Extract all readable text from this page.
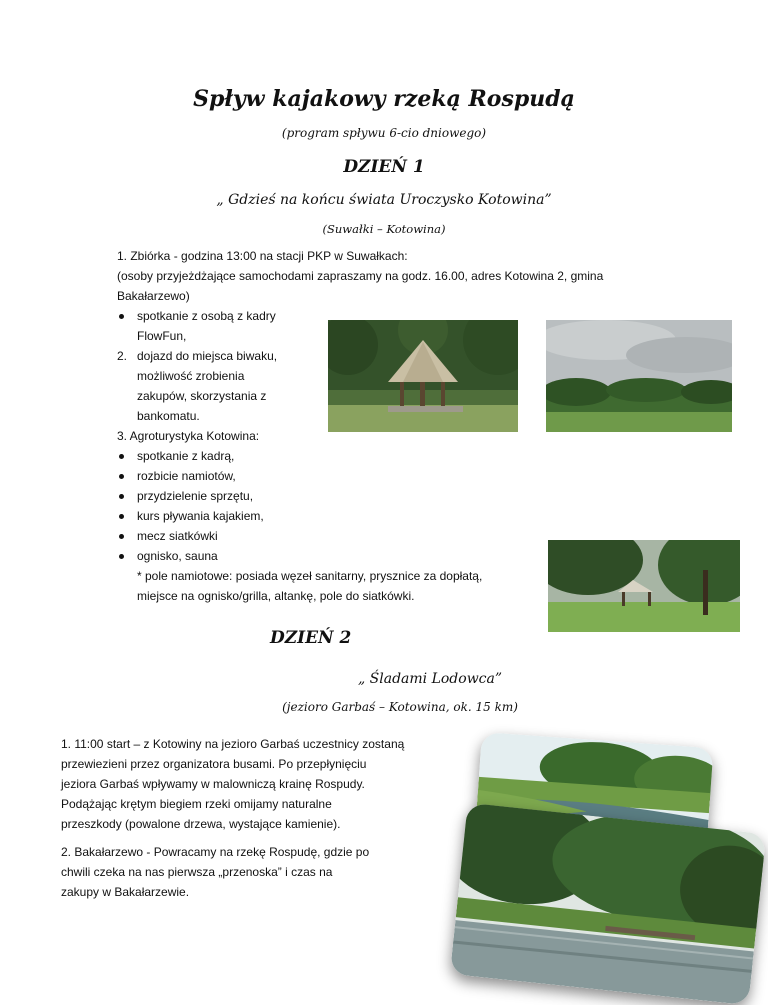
Spływ kajakowy rzeką Rospudą
(program spływu 6-cio dniowego)
DZIEŃ 1
„ Gdzieś na końcu świata Uroczysko Kotowina”
(Suwałki – Kotowina)
1. Zbiórka - godzina 13:00 na stacji PKP w Suwałkach:
(osoby przyjeżdżające samochodami zapraszamy na godz. 16.00, adres Kotowina 2, gmina
Bakałarzewo)
spotkanie z osobą z kadry
FlowFun,
2. dojazd do miejsca biwaku,
możliwość zrobienia
zakupów, skorzystania z
bankomatu.
3. Agroturystyka Kotowina:
spotkanie z kadrą,
rozbicie namiotów,
przydzielenie sprzętu,
kurs pływania kajakiem,
mecz siatkówki
ognisko, sauna
* pole namiotowe: posiada węzeł sanitarny, prysznice za dopłatą,
miejsce na ognisko/grilla, altankę, pole do siatkówki.
DZIEŃ 2
„ Śladami Lodowca”
(jezioro Garbaś – Kotowina, ok. 15 km)
1. 11:00 start – z Kotowiny na jezioro Garbaś uczestnicy zostaną
przewiezieni przez organizatora busami. Po przepłynięciu
jeziora Garbaś wpływamy w malowniczą krainę Rospudy.
Podążając krętym biegiem rzeki omijamy naturalne
przeszkody (powalone drzewa, wystające kamienie).
2. Bakałarzewo - Powracamy na rzekę Rospudę, gdzie po
chwili czeka na nas pierwsza „przenoska” i czas na
zakupy w Bakałarzewie.
